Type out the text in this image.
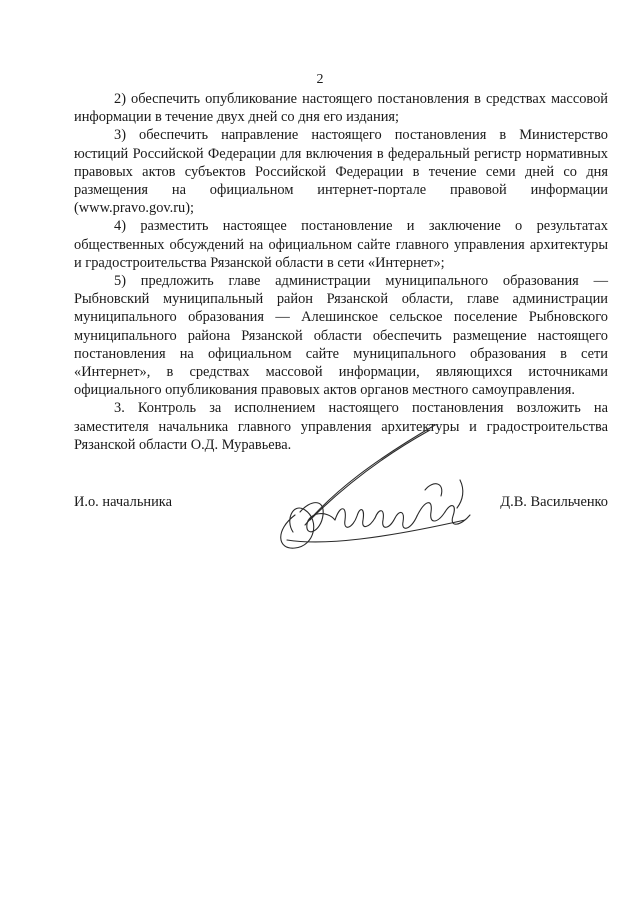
2

2) обеспечить опубликование настоящего постановления в средствах массовой информации в течение двух дней со дня его издания;

3) обеспечить направление настоящего постановления в Министерство юстиций Российской Федерации для включения в федеральный регистр нормативных правовых актов субъектов Российской Федерации в течение семи дней со дня размещения на официальном интернет-портале правовой информации (www.pravo.gov.ru);

4) разместить настоящее постановление и заключение о результатах общественных обсуждений на официальном сайте главного управления архитектуры и градостроительства Рязанской области в сети «Интернет»;

5) предложить главе администрации муниципального образования — Рыбновский муниципальный район Рязанской области, главе администрации муниципального образования — Алешинское сельское поселение Рыбновского муниципального района Рязанской области обеспечить размещение настоящего постановления на официальном сайте муниципального образования в сети «Интернет», в средствах массовой информации, являющихся источниками официального опубликования правовых актов органов местного самоуправления.

3. Контроль за исполнением настоящего постановления возложить на заместителя начальника главного управления архитектуры и градостроительства Рязанской области О.Д. Муравьева.

И.о. начальника	Д.В. Васильченко
